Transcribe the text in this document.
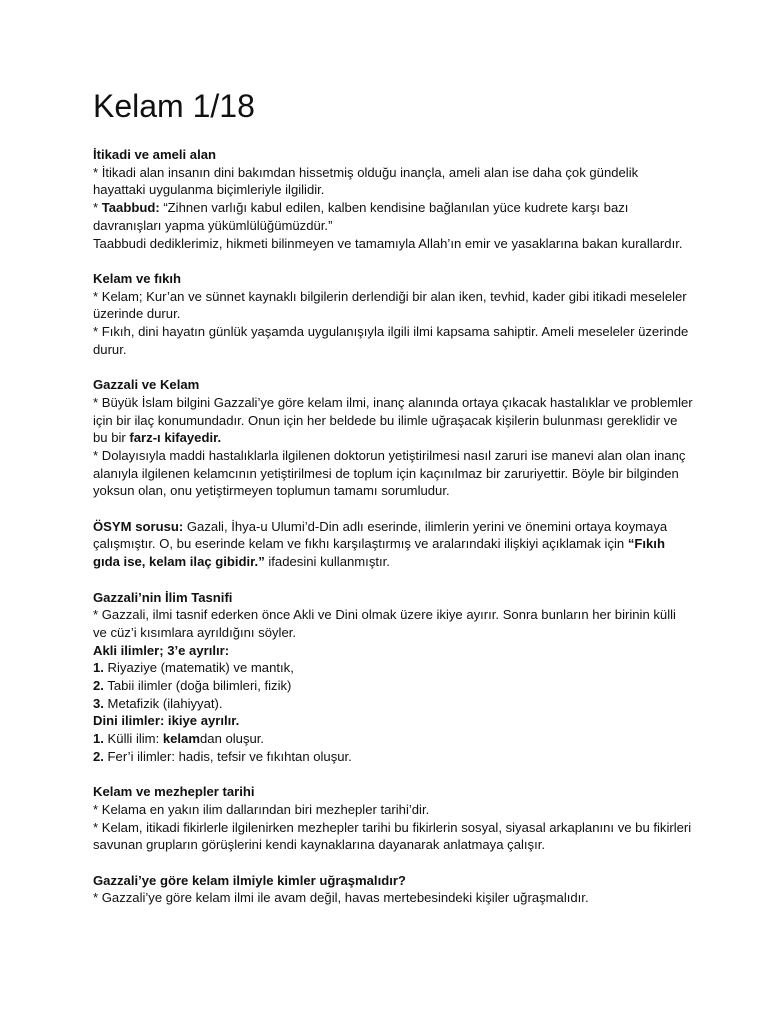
Kelam 1/18

İtikadi ve ameli alan

* İtikadi alan insanın dini bakımdan hissetmiş olduğu inançla, ameli alan ise daha çok gündelik hayattaki uygulanma biçimleriyle ilgilidir.

* Taabbud: “Zihnen varlığı kabul edilen, kalben kendisine bağlanılan yüce kudrete karşı bazı davranışları yapma yükümlülüğümüzdür.”

Taabbudi dediklerimiz, hikmeti bilinmeyen ve tamamıyla Allah’ın emir ve yasaklarına bakan kurallardır.

Kelam ve fıkıh

* Kelam; Kur’an ve sünnet kaynaklı bilgilerin derlendiği bir alan iken, tevhid, kader gibi itikadi meseleler üzerinde durur.

* Fıkıh, dini hayatın günlük yaşamda uygulanışıyla ilgili ilmi kapsama sahiptir. Ameli meseleler üzerinde durur.

Gazzali ve Kelam

* Büyük İslam bilgini Gazzali’ye göre kelam ilmi, inanç alanında ortaya çıkacak hastalıklar ve problemler için bir ilaç konumundadır. Onun için her beldede bu ilimle uğraşacak kişilerin bulunması gereklidir ve bu bir farz-ı kifayedir.

* Dolayısıyla maddi hastalıklarla ilgilenen doktorun yetiştirilmesi nasıl zaruri ise manevi alan olan inanç alanıyla ilgilenen kelamcının yetiştirilmesi de toplum için kaçınılmaz bir zaruriyettir. Böyle bir bilginden yoksun olan, onu yetiştirmeyen toplumun tamamı sorumludur.

ÖSYM sorusu: Gazali, İhya-u Ulumi’d-Din adlı eserinde, ilimlerin yerini ve önemini ortaya koymaya çalışmıştır. O, bu eserinde kelam ve fıkhı karşılaştırmış ve aralarındaki ilişkiyi açıklamak için “Fıkıh gıda ise, kelam ilaç gibidir.” ifadesini kullanmıştır.

Gazzali’nin İlim Tasnifi

* Gazzali, ilmi tasnif ederken önce Akli ve Dini olmak üzere ikiye ayırır. Sonra bunların her birinin külli ve cüz’i kısımlara ayrıldığını söyler.

Akli ilimler; 3’e ayrılır:

1. Riyaziye (matematik) ve mantık,

2. Tabii ilimler (doğa bilimleri, fizik)

3. Metafizik (ilahiyyat).

Dini ilimler: ikiye ayrılır.

1. Külli ilim: kelamdan oluşur.

2. Fer’i ilimler: hadis, tefsir ve fıkıhtan oluşur.

Kelam ve mezhepler tarihi

* Kelama en yakın ilim dallarından biri mezhepler tarihi’dir.

* Kelam, itikadi fikirlerle ilgilenirken mezhepler tarihi bu fikirlerin sosyal, siyasal arkaplanını ve bu fikirleri savunan grupların görüşlerini kendi kaynaklarına dayanarak anlatmaya çalışır.

Gazzali’ye göre kelam ilmiyle kimler uğraşmalıdır?

* Gazzali’ye göre kelam ilmi ile avam değil, havas mertebesindeki kişiler uğraşmalıdır.
